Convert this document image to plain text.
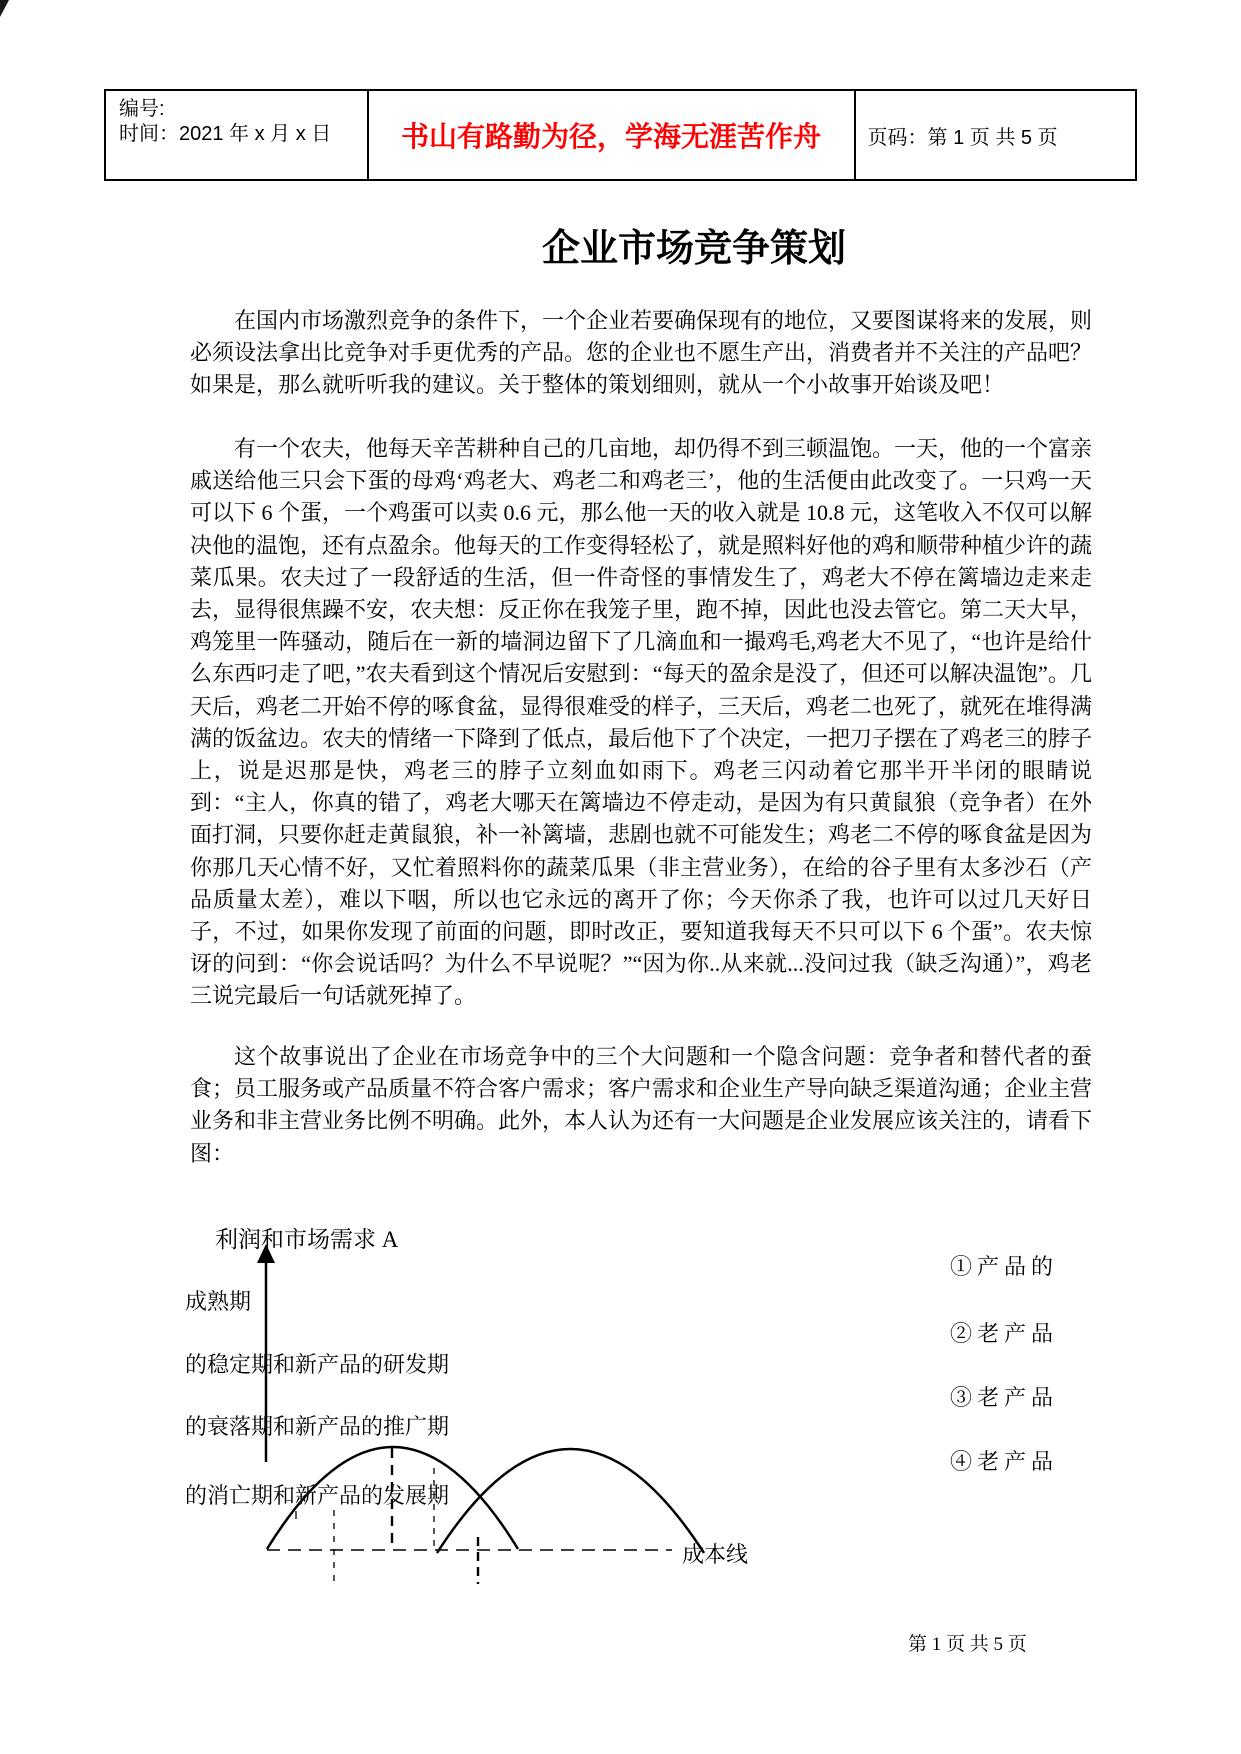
编号:
时间：2021 年 x 月 x 日	书山有路勤为径，学海无涯苦作舟 页码：第 1 页 共 5 页
企业市场竞争策划
在国内市场激烈竞争的条件下，一个企业若要确保现有的地位，又要图谋将来的发展，则必须设法拿出比竞争对手更优秀的产品。您的企业也不愿生产出，消费者并不关注的产品吧？如果是，那么就听听我的建议。关于整体的策划细则，就从一个小故事开始谈及吧！
有一个农夫，他每天辛苦耕种自己的几亩地，却仍得不到三顿温饱。一天，他的一个富亲戚送给他三只会下蛋的母鸡‘鸡老大、鸡老二和鸡老三’，他的生活便由此改变了。一只鸡一天可以下 6 个蛋，一个鸡蛋可以卖 0.6 元，那么他一天的收入就是 10.8 元，这笔收入不仅可以解决他的温饱，还有点盈余。他每天的工作变得轻松了，就是照料好他的鸡和顺带种植少许的蔬菜瓜果。农夫过了一段舒适的生活，但一件奇怪的事情发生了，鸡老大不停在篱墙边走来走去，显得很焦躁不安，农夫想：反正你在我笼子里，跑不掉，因此也没去管它。第二天大早，鸡笼里一阵骚动，随后在一新的墙洞边留下了几滴血和一撮鸡毛,鸡老大不见了，“也许是给什么东西叼走了吧，”农夫看到这个情况后安慰到：“每天的盈余是没了，但还可以解决温饱”。几天后，鸡老二开始不停的啄食盆，显得很难受的样子，三天后，鸡老二也死了，就死在堆得满满的饭盆边。农夫的情绪一下降到了低点，最后他下了个决定，一把刀子摆在了鸡老三的脖子上，说是迟那是快，鸡老三的脖子立刻血如雨下。鸡老三闪动着它那半开半闭的眼睛说到：“主人，你真的错了，鸡老大哪天在篱墙边不停走动，是因为有只黄鼠狼（竞争者）在外面打洞，只要你赶走黄鼠狼，补一补篱墙，悲剧也就不可能发生；鸡老二不停的啄食盆是因为你那几天心情不好，又忙着照料你的蔬菜瓜果（非主营业务），在给的谷子里有太多沙石（产品质量太差），难以下咽，所以也它永远的离开了你；今天你杀了我，也许可以过几天好日子，不过，如果你发现了前面的问题，即时改正，要知道我每天不只可以下 6 个蛋”。农夫惊讶的问到：“你会说话吗？为什么不早说呢？”“因为你..从来就...没问过我（缺乏沟通）”，鸡老三说完最后一句话就死掉了。
这个故事说出了企业在市场竞争中的三个大问题和一个隐含问题：竞争者和替代者的蚕食；员工服务或产品质量不符合客户需求；客户需求和企业生产导向缺乏渠道沟通；企业主营业务和非主营业务比例不明确。此外，本人认为还有一大问题是企业发展应该关注的，请看下图：
利润和市场需求 A
成熟期
的稳定期和新产品的研发期
的衰落期和新产品的推广期
的消亡期和新产品的发展期
①产品的
②老产品
③老产品
④老产品
成本线
第 1 页 共 5 页
